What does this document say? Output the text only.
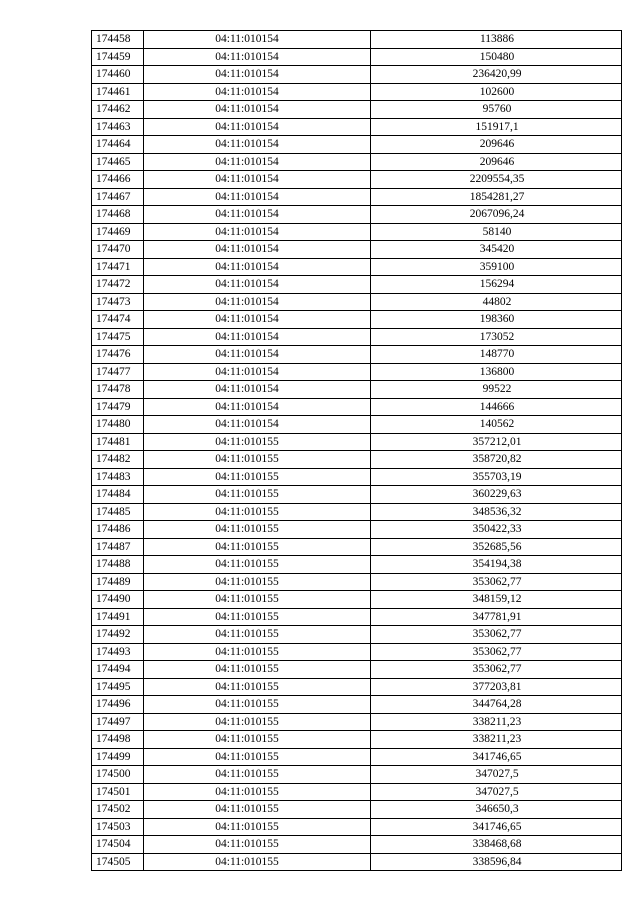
174458	04:11:010154	113886
174459	04:11:010154	150480
174460	04:11:010154	236420,99
174461	04:11:010154	102600
174462	04:11:010154	95760
174463	04:11:010154	151917,1
174464	04:11:010154	209646
174465	04:11:010154	209646
174466	04:11:010154	2209554,35
174467	04:11:010154	1854281,27
174468	04:11:010154	2067096,24
174469	04:11:010154	58140
174470	04:11:010154	345420
174471	04:11:010154	359100
174472	04:11:010154	156294
174473	04:11:010154	44802
174474	04:11:010154	198360
174475	04:11:010154	173052
174476	04:11:010154	148770
174477	04:11:010154	136800
174478	04:11:010154	99522
174479	04:11:010154	144666
174480	04:11:010154	140562
174481	04:11:010155	357212,01
174482	04:11:010155	358720,82
174483	04:11:010155	355703,19
174484	04:11:010155	360229,63
174485	04:11:010155	348536,32
174486	04:11:010155	350422,33
174487	04:11:010155	352685,56
174488	04:11:010155	354194,38
174489	04:11:010155	353062,77
174490	04:11:010155	348159,12
174491	04:11:010155	347781,91
174492	04:11:010155	353062,77
174493	04:11:010155	353062,77
174494	04:11:010155	353062,77
174495	04:11:010155	377203,81
174496	04:11:010155	344764,28
174497	04:11:010155	338211,23
174498	04:11:010155	338211,23
174499	04:11:010155	341746,65
174500	04:11:010155	347027,5
174501	04:11:010155	347027,5
174502	04:11:010155	346650,3
174503	04:11:010155	341746,65
174504	04:11:010155	338468,68
174505	04:11:010155	338596,84
